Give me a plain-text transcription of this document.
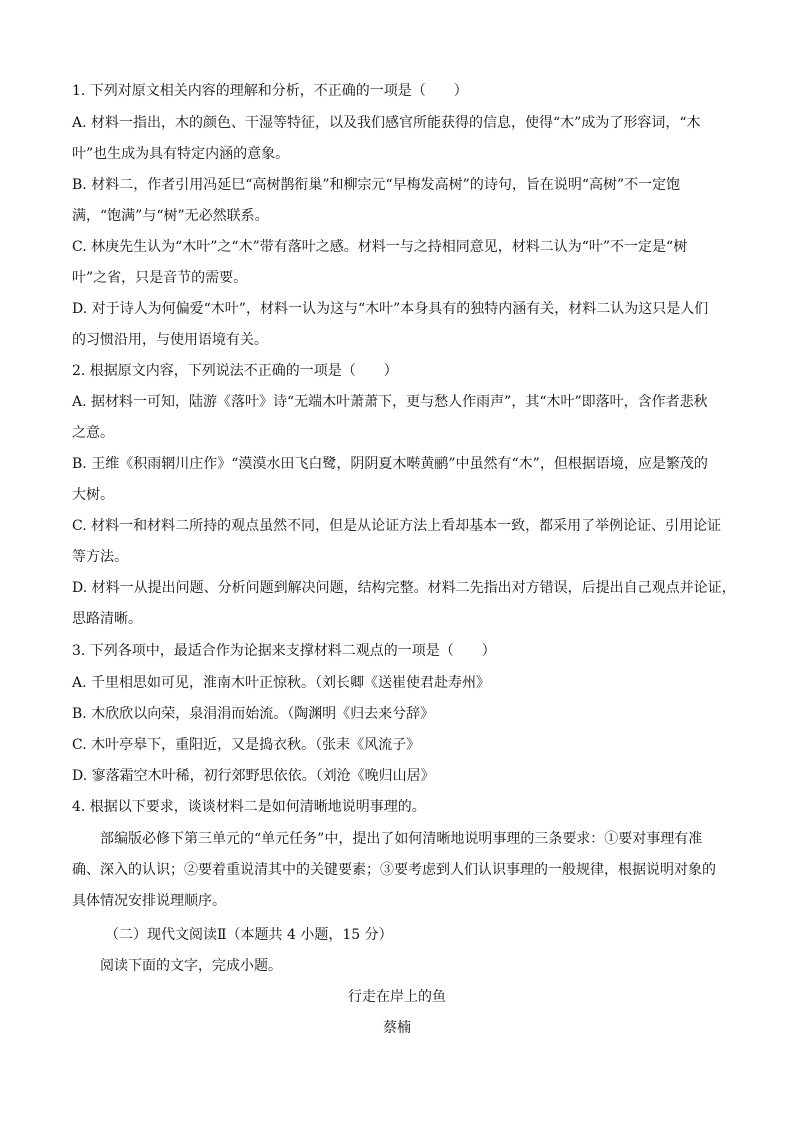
1. 下列对原文相关内容的理解和分析，不正确的一项是（　　）
A. 材料一指出，木的颜色、干湿等特征，以及我们感官所能获得的信息，使得“木”成为了形容词，“木
叶”也生成为具有特定内涵的意象。
B. 材料二，作者引用冯延巳“高树鹊衔巢”和柳宗元“早梅发高树”的诗句，旨在说明“高树”不一定饱
满，“饱满”与“树”无必然联系。
C. 林庚先生认为“木叶”之“木”带有落叶之感。材料一与之持相同意见，材料二认为“叶”不一定是“树
叶”之省，只是音节的需要。
D. 对于诗人为何偏爱“木叶”，材料一认为这与“木叶”本身具有的独特内涵有关，材料二认为这只是人们
的习惯沿用，与使用语境有关。
2. 根据原文内容，下列说法不正确的一项是（　　）
A. 据材料一可知，陆游《落叶》诗“无端木叶萧萧下，更与愁人作雨声”，其“木叶”即落叶，含作者悲秋
之意。
B. 王维《积雨辋川庄作》“漠漠水田飞白鹭，阴阴夏木啭黄鹂”中虽然有“木”，但根据语境，应是繁茂的
大树。
C. 材料一和材料二所持的观点虽然不同，但是从论证方法上看却基本一致，都采用了举例论证、引用论证
等方法。
D. 材料一从提出问题、分析问题到解决问题，结构完整。材料二先指出对方错误，后提出自己观点并论证，
思路清晰。
3. 下列各项中，最适合作为论据来支撑材料二观点的一项是（　　）
A. 千里相思如可见，淮南木叶正惊秋。（刘长卿《送崔使君赴寿州》
B. 木欣欣以向荣，泉涓涓而始流。（陶渊明《归去来兮辞》
C. 木叶亭皋下，重阳近，又是捣衣秋。（张耒《风流子》
D. 寥落霜空木叶稀，初行郊野思依依。（刘沧《晚归山居》
4. 根据以下要求，谈谈材料二是如何清晰地说明事理的。
部编版必修下第三单元的“单元任务”中，提出了如何清晰地说明事理的三条要求：①要对事理有准
确、深入的认识；②要着重说清其中的关键要素；③要考虑到人们认识事理的一般规律，根据说明对象的
具体情况安排说理顺序。
（二）现代文阅读Ⅱ（本题共 4 小题，15 分）
阅读下面的文字，完成小题。
行走在岸上的鱼
蔡楠
